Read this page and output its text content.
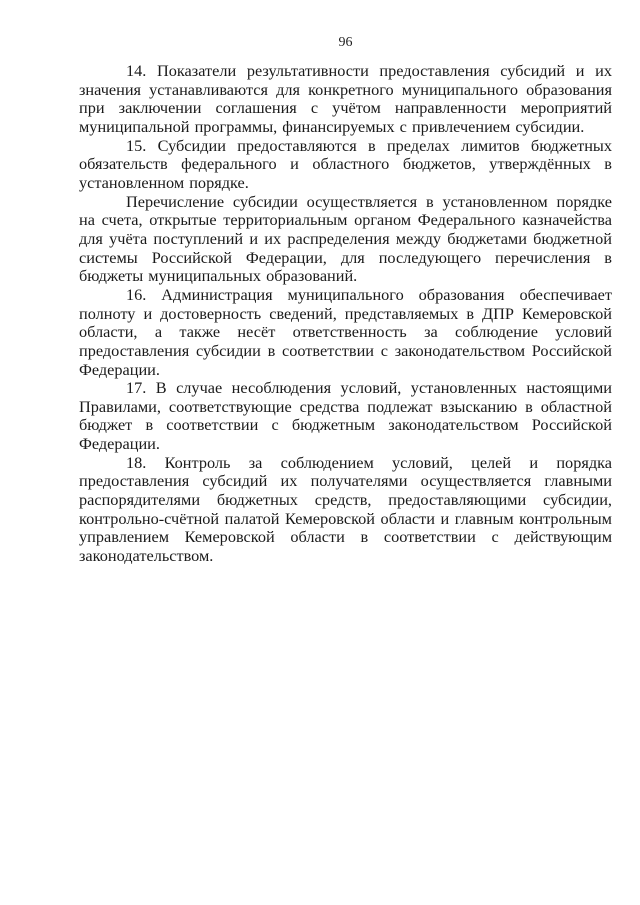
96

14. Показатели результативности предоставления субсидий и их значения устанавливаются для конкретного муниципального образования при заключении соглашения с учётом направленности мероприятий муниципальной программы, финансируемых с привлечением субсидии.

15. Субсидии предоставляются в пределах лимитов бюджетных обязательств федерального и областного бюджетов, утверждённых в установленном порядке.

Перечисление субсидии осуществляется в установленном порядке на счета, открытые территориальным органом Федерального казначейства для учёта поступлений и их распределения между бюджетами бюджетной системы Российской Федерации, для последующего перечисления в бюджеты муниципальных образований.

16. Администрация муниципального образования обеспечивает полноту и достоверность сведений, представляемых в ДПР Кемеровской области, а также несёт ответственность за соблюдение условий предоставления субсидии в соответствии с законодательством Российской Федерации.

17. В случае несоблюдения условий, установленных настоящими Правилами, соответствующие средства подлежат взысканию в областной бюджет в соответствии с бюджетным законодательством Российской Федерации.

18. Контроль за соблюдением условий, целей и порядка предоставления субсидий их получателями осуществляется главными распорядителями бюджетных средств, предоставляющими субсидии, контрольно-счётной палатой Кемеровской области и главным контрольным управлением Кемеровской области в соответствии с действующим законодательством.
